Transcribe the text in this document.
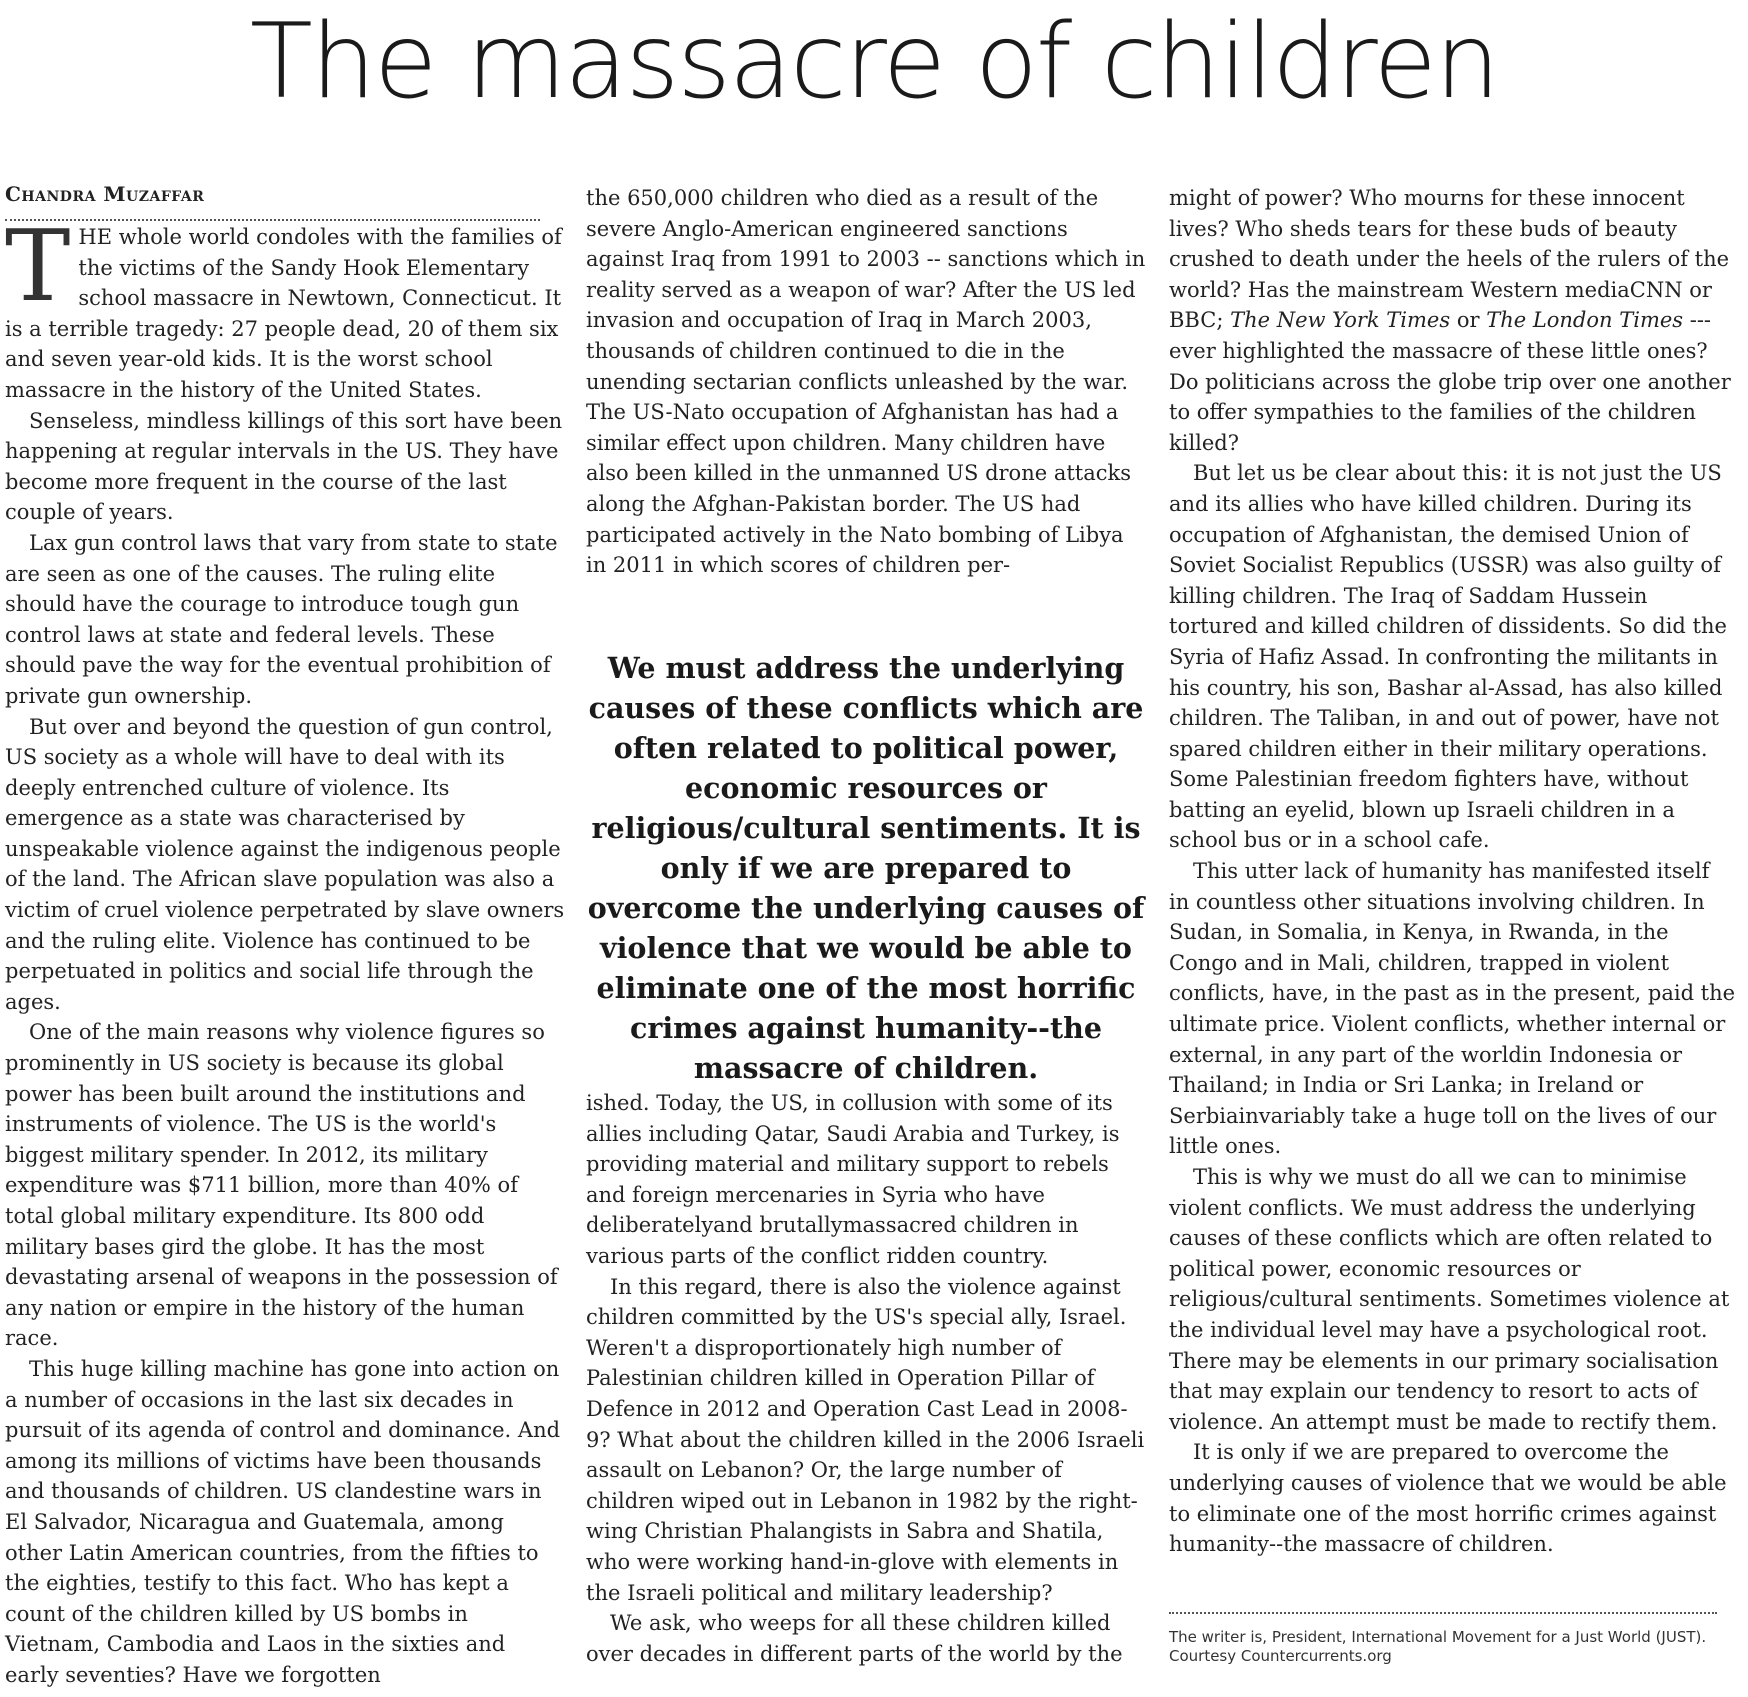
The massacre of children
Chandra Muzaffar

THE whole world condoles with the families of the victims of the Sandy Hook Elementary school massacre in Newtown, Connecticut. It is a terrible tragedy: 27 people dead, 20 of them six and seven year-old kids. It is the worst school massacre in the history of the United States.

Senseless, mindless killings of this sort have been happening at regular intervals in the US. They have become more frequent in the course of the last couple of years.

Lax gun control laws that vary from state to state are seen as one of the causes. The ruling elite should have the courage to introduce tough gun control laws at state and federal levels. These should pave the way for the eventual prohibition of private gun ownership.

But over and beyond the question of gun control, US society as a whole will have to deal with its deeply entrenched culture of violence. Its emergence as a state was characterised by unspeakable violence against the indigenous people of the land. The African slave population was also a victim of cruel violence perpetrated by slave owners and the ruling elite. Violence has continued to be perpetuated in politics and social life through the ages.

One of the main reasons why violence figures so prominently in US society is because its global power has been built around the institutions and instruments of violence. The US is the world's biggest military spender. In 2012, its military expenditure was $711 billion, more than 40% of total global military expenditure. Its 800 odd military bases gird the globe. It has the most devastating arsenal of weapons in the possession of any nation or empire in the history of the human race.

This huge killing machine has gone into action on a number of occasions in the last six decades in pursuit of its agenda of control and dominance. And among its millions of victims have been thousands and thousands of children. US clandestine wars in El Salvador, Nicaragua and Guatemala, among other Latin American countries, from the fifties to the eighties, testify to this fact. Who has kept a count of the children killed by US bombs in Vietnam, Cambodia and Laos in the sixties and early seventies? Have we forgotten

the 650,000 children who died as a result of the severe Anglo-American engineered sanctions against Iraq from 1991 to 2003 -- sanctions which in reality served as a weapon of war? After the US led invasion and occupation of Iraq in March 2003, thousands of children continued to die in the unending sectarian conflicts unleashed by the war. The US-Nato occupation of Afghanistan has had a similar effect upon children. Many children have also been killed in the unmanned US drone attacks along the Afghan-Pakistan border. The US had participated actively in the Nato bombing of Libya in 2011 in which scores of children per-

We must address the underlying causes of these conflicts which are often related to political power, economic resources or religious/cultural sentiments. It is only if we are prepared to overcome the underlying causes of violence that we would be able to eliminate one of the most horrific crimes against humanity--the massacre of children.

ished. Today, the US, in collusion with some of its allies including Qatar, Saudi Arabia and Turkey, is providing material and military support to rebels and foreign mercenaries in Syria who have deliberatelyand brutallymassacred children in various parts of the conflict ridden country.

In this regard, there is also the violence against children committed by the US's special ally, Israel. Weren't a disproportionately high number of Palestinian children killed in Operation Pillar of Defence in 2012 and Operation Cast Lead in 2008-9? What about the children killed in the 2006 Israeli assault on Lebanon? Or, the large number of children wiped out in Lebanon in 1982 by the right-wing Christian Phalangists in Sabra and Shatila, who were working hand-in-glove with elements in the Israeli political and military leadership?

We ask, who weeps for all these children killed over decades in different parts of the world by the

might of power? Who mourns for these innocent lives? Who sheds tears for these buds of beauty crushed to death under the heels of the rulers of the world? Has the mainstream Western mediaCNN or BBC; The New York Times or The London Times --- ever highlighted the massacre of these little ones? Do politicians across the globe trip over one another to offer sympathies to the families of the children killed?

But let us be clear about this: it is not just the US and its allies who have killed children. During its occupation of Afghanistan, the demised Union of Soviet Socialist Republics (USSR) was also guilty of killing children. The Iraq of Saddam Hussein tortured and killed children of dissidents. So did the Syria of Hafiz Assad. In confronting the militants in his country, his son, Bashar al-Assad, has also killed children. The Taliban, in and out of power, have not spared children either in their military operations. Some Palestinian freedom fighters have, without batting an eyelid, blown up Israeli children in a school bus or in a school cafe.

This utter lack of humanity has manifested itself in countless other situations involving children. In Sudan, in Somalia, in Kenya, in Rwanda, in the Congo and in Mali, children, trapped in violent conflicts, have, in the past as in the present, paid the ultimate price. Violent conflicts, whether internal or external, in any part of the worldin Indonesia or Thailand; in India or Sri Lanka; in Ireland or Serbiainvariably take a huge toll on the lives of our little ones.

This is why we must do all we can to minimise violent conflicts. We must address the underlying causes of these conflicts which are often related to political power, economic resources or religious/cultural sentiments. Sometimes violence at the individual level may have a psychological root. There may be elements in our primary socialisation that may explain our tendency to resort to acts of violence. An attempt must be made to rectify them.

It is only if we are prepared to overcome the underlying causes of violence that we would be able to eliminate one of the most horrific crimes against humanity--the massacre of children.

The writer is, President, International Movement for a Just World (JUST).
Courtesy Countercurrents.org
